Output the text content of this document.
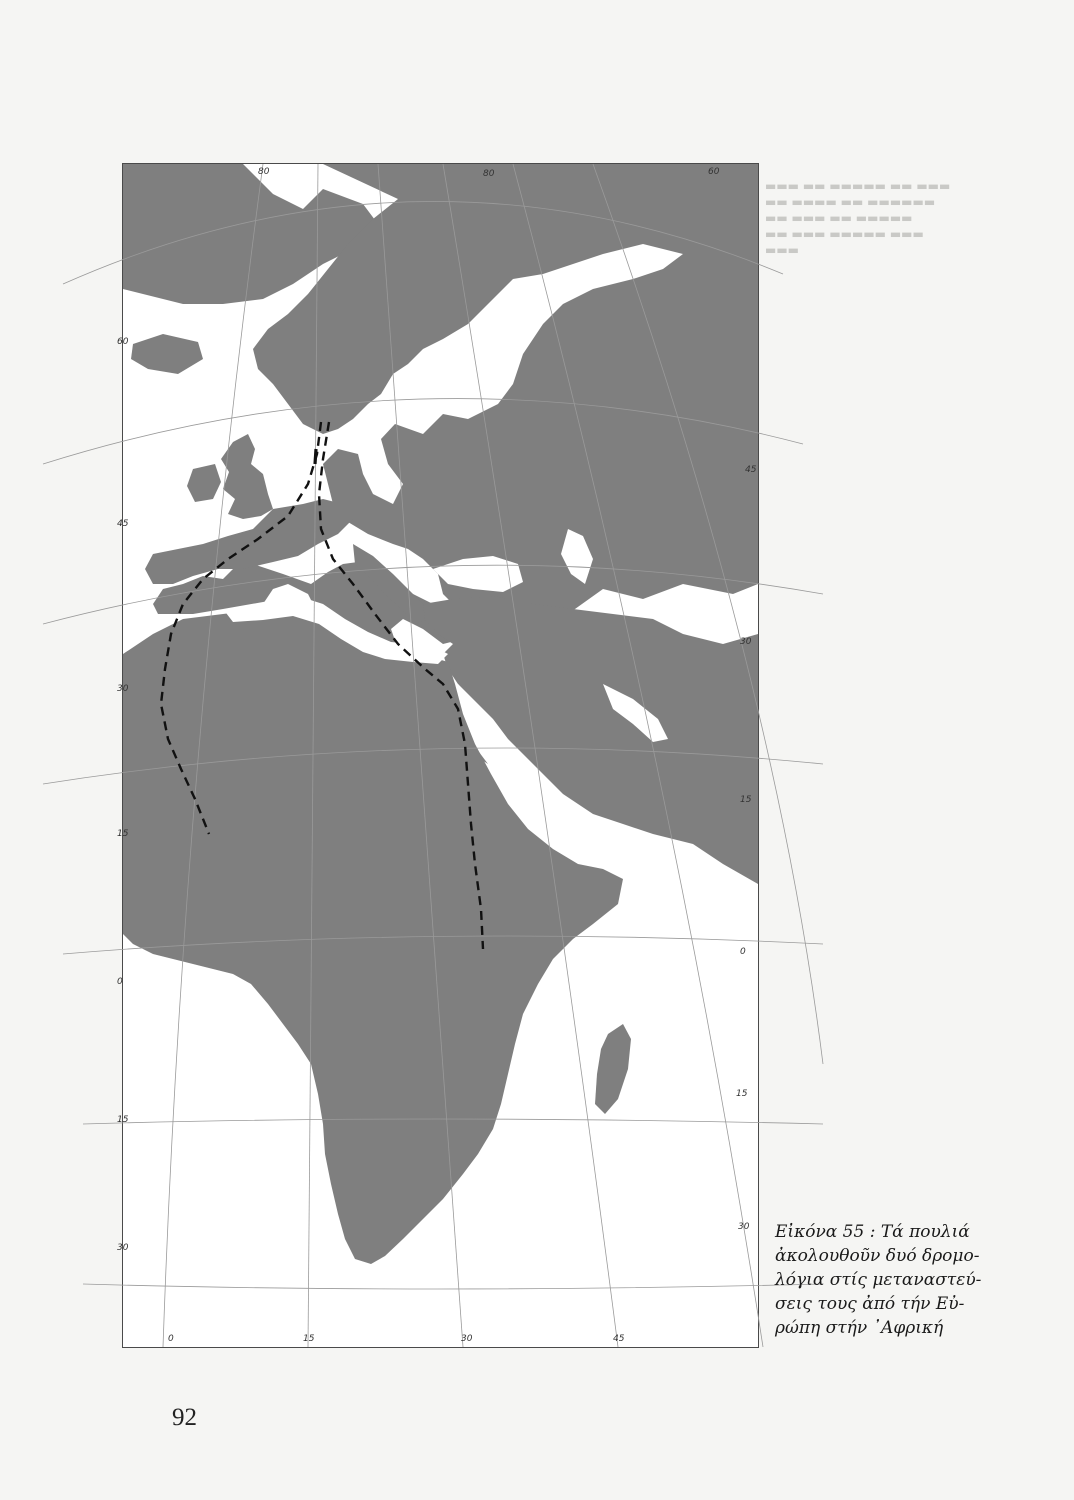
▬▬▬ ▬▬ ▬▬▬▬▬ ▬▬ ▬▬▬
▬▬ ▬▬▬▬ ▬▬ ▬▬▬▬▬▬
▬▬ ▬▬▬ ▬▬ ▬▬▬▬▬
▬▬ ▬▬▬ ▬▬▬▬▬ ▬▬▬
▬▬▬
80	80	60
60
45
30
15
0
15
30
45
30
15
0
15
30
0	15	30	45
Εἰκόνα 55 : Τά πουλιά
ἀκολουθοῦν δυό δρομο-
λόγια στίς μεταναστεύ-
σεις τους ἀπό τήν Εὐ-
ρώπη στήν ᾿Αφρική
92
